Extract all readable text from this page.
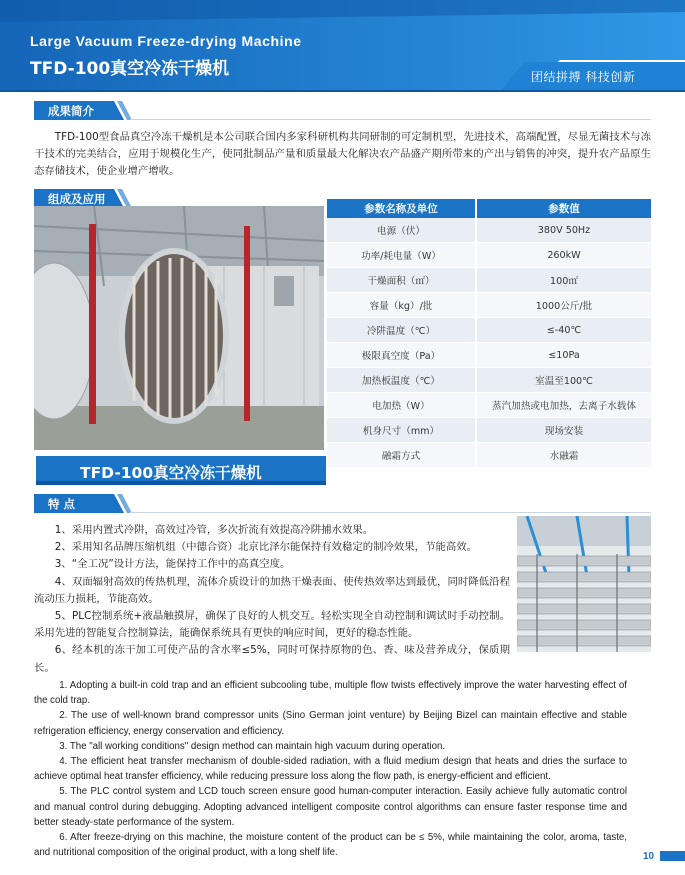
Large Vacuum Freeze-drying Machine
TFD-100真空冷冻干燥机	团结拼搏 科技创新
成果简介
TFD-100型食品真空冷冻干燥机是本公司联合国内多家科研机构共同研制的可定制机型，先进技术，高端配置，尽显无菌技术与冻干技术的完美结合，应用于规模化生产，使同批制品产量和质量最大化解决农产品盛产期所带来的产出与销售的冲突，提升农产品原生态存储技术，使企业增产增收。
组成及应用
TFD-100真空冷冻干燥机
参数名称及单位	参数值
电源（伏）	380V 50Hz
功率/耗电量（W）	260kW
干燥面积（㎡）	100㎡
容量（kg）/批	1000公斤/批
冷阱温度（℃）	≤-40℃
极限真空度（Pa）	≤10Pa
加热板温度（℃）	室温至100℃
电加热（W）	蒸汽加热或电加热，去离子水载体
机身尺寸（mm）	现场安装
融霜方式	水融霜
特 点
1、采用内置式冷阱，高效过冷管，多次折流有效提高冷阱捕水效果。
2、采用知名品牌压缩机组（中德合资）北京比泽尔能保持有效稳定的制冷效果，节能高效。
3、“全工况”设计方法，能保持工作中的高真空度。
4、双面辐射高效的传热机理，流体介质设计的加热干燥表面、使传热效率达到最优，同时降低沿程流动压力损耗，节能高效。
5、PLC控制系统+液晶触摸屏，确保了良好的人机交互。轻松实现全自动控制和调试时手动控制。采用先进的智能复合控制算法，能确保系统具有更快的响应时间，更好的稳态性能。
6、经本机的冻干加工可使产品的含水率≤5%，同时可保持原物的色、香、味及营养成分，保质期长。
1. Adopting a built-in cold trap and an efficient subcooling tube, multiple flow twists effectively improve the water harvesting effect of the cold trap.
2. The use of well-known brand compressor units (Sino German joint venture) by Beijing Bizel can maintain effective and stable refrigeration efficiency, energy conservation and efficiency.
3. The "all working conditions" design method can maintain high vacuum during operation.
4. The efficient heat transfer mechanism of double-sided radiation, with a fluid medium design that heats and dries the surface to achieve optimal heat transfer efficiency, while reducing pressure loss along the flow path, is energy-efficient and efficient.
5. The PLC control system and LCD touch screen ensure good human-computer interaction. Easily achieve fully automatic control and manual control during debugging. Adopting advanced intelligent composite control algorithms can ensure faster response time and better steady-state performance of the system.
6. After freeze-drying on this machine, the moisture content of the product can be ≤ 5%, while maintaining the color, aroma, taste, and nutritional composition of the original product, with a long shelf life.	10
